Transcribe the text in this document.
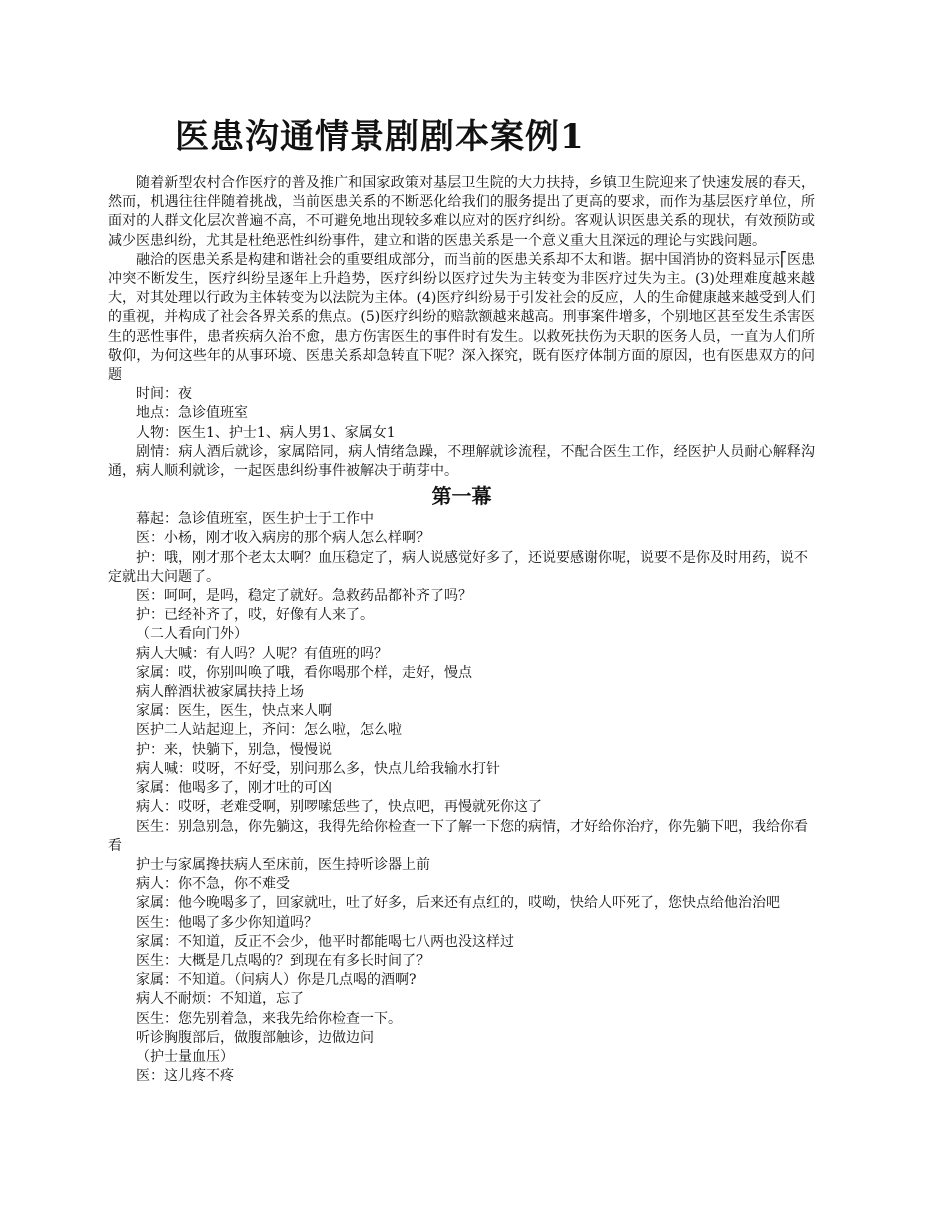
医患沟通情景剧剧本案例1

随着新型农村合作医疗的普及推广和国家政策对基层卫生院的大力扶持，乡镇卫生院迎来了快速发展的春天，然而，机遇往往伴随着挑战，当前医患关系的不断恶化给我们的服务提出了更高的要求，而作为基层医疗单位，所面对的人群文化层次普遍不高，不可避免地出现较多难以应对的医疗纠纷。客观认识医患关系的现状，有效预防或减少医患纠纷，尤其是杜绝恶性纠纷事件，建立和谐的医患关系是一个意义重大且深远的理论与实践问题。

融洽的医患关系是构建和谐社会的重要组成部分，而当前的医患关系却不太和谐。据中国消协的资料显示⎡医患冲突不断发生，医疗纠纷呈逐年上升趋势，医疗纠纷以医疗过失为主转变为非医疗过失为主。(3)处理难度越来越大，对其处理以行政为主体转变为以法院为主体。(4)医疗纠纷易于引发社会的反应，人的生命健康越来越受到人们的重视，并构成了社会各界关系的焦点。(5)医疗纠纷的赔款额越来越高。刑事案件增多，个别地区甚至发生杀害医生的恶性事件，患者疾病久治不愈，患方伤害医生的事件时有发生。以救死扶伤为天职的医务人员，一直为人们所敬仰，为何这些年的从事环境、医患关系却急转直下呢？深入探究，既有医疗体制方面的原因，也有医患双方的问题

时间：夜

地点：急诊值班室

人物：医生1、护士1、病人男1、家属女1

剧情：病人酒后就诊，家属陪同，病人情绪急躁，不理解就诊流程，不配合医生工作，经医护人员耐心解释沟通，病人顺利就诊，一起医患纠纷事件被解决于萌芽中。

第一幕

幕起：急诊值班室，医生护士于工作中

医：小杨，刚才收入病房的那个病人怎么样啊？

护：哦，刚才那个老太太啊？血压稳定了，病人说感觉好多了，还说要感谢你呢，说要不是你及时用药，说不定就出大问题了。

医：呵呵，是吗，稳定了就好。急救药品都补齐了吗？

护：已经补齐了，哎，好像有人来了。

（二人看向门外）

病人大喊：有人吗？人呢？有值班的吗？

家属：哎，你别叫唤了哦，看你喝那个样，走好，慢点

病人醉酒状被家属扶持上场

家属：医生，医生，快点来人啊

医护二人站起迎上，齐问：怎么啦，怎么啦

护：来，快躺下，别急，慢慢说

病人喊：哎呀，不好受，别问那么多，快点儿给我输水打针

家属：他喝多了，刚才吐的可凶

病人：哎呀，老难受啊，别啰嗦恁些了，快点吧，再慢就死你这了

医生：别急别急，你先躺这，我得先给你检查一下了解一下您的病情，才好给你治疗，你先躺下吧，我给你看看

护士与家属搀扶病人至床前，医生持听诊器上前

病人：你不急，你不难受

家属：他今晚喝多了，回家就吐，吐了好多，后来还有点红的，哎呦，快给人吓死了，您快点给他治治吧

医生：他喝了多少你知道吗？

家属：不知道，反正不会少，他平时都能喝七八两也没这样过

医生：大概是几点喝的？到现在有多长时间了？

家属：不知道。（问病人）你是几点喝的酒啊?

病人不耐烦：不知道，忘了

医生：您先别着急，来我先给你检查一下。

听诊胸腹部后，做腹部触诊，边做边问

（护士量血压）

医：这儿疼不疼
